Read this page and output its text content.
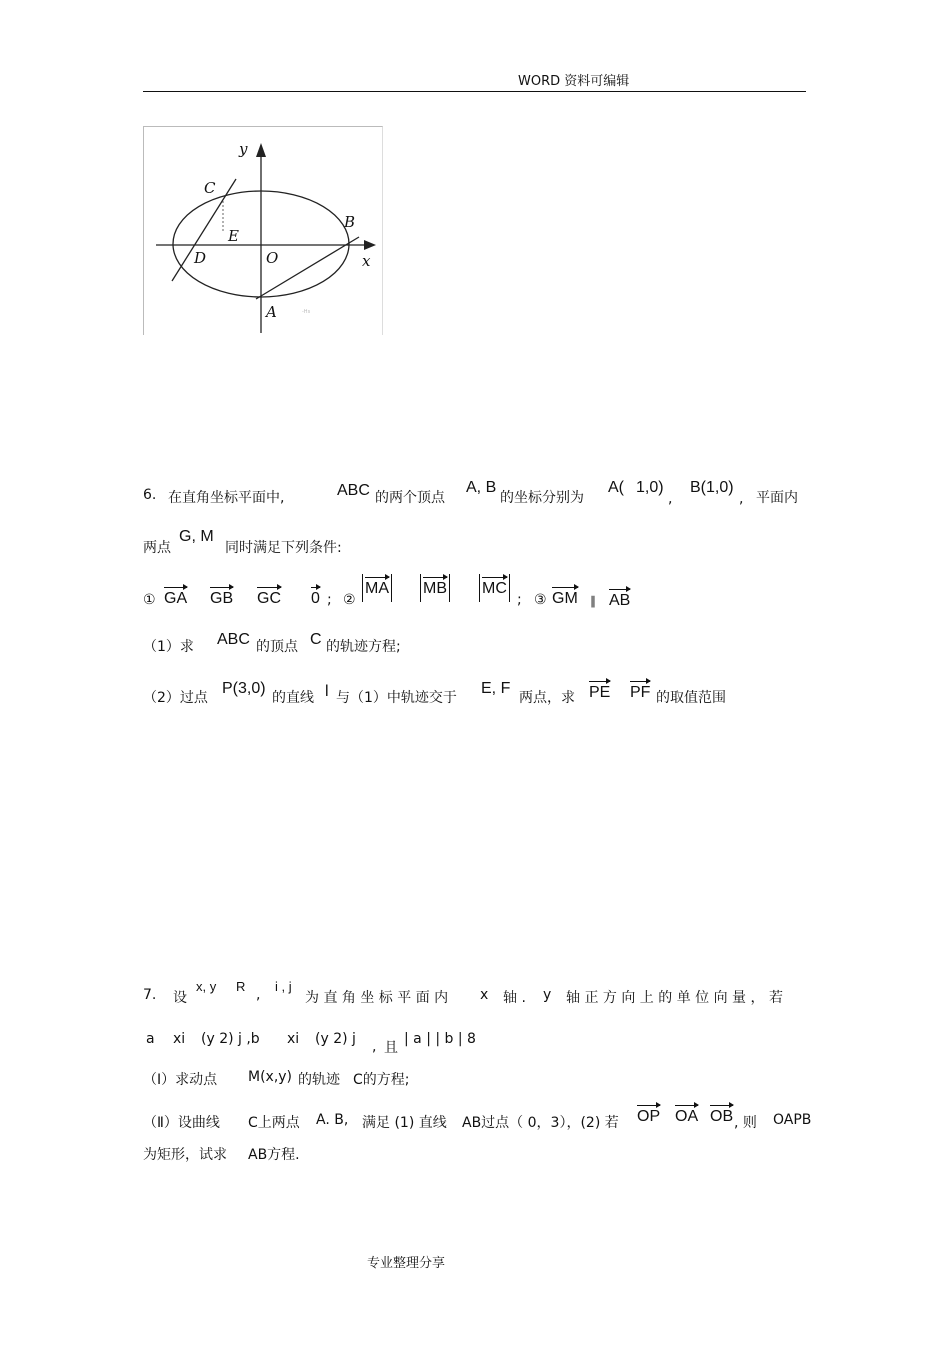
WORD 资料可编辑
y
C
B
E
D	O	x
A	-Hs
6. 在直角坐标平面中,	ABC 的两个顶点
A, B
的坐标分别为
A( 1,0)
,
B(1,0)
, 平面内
两点
G, M
同时满足下列条件:
① GA GB GC 0 ; ②
MA MB MC
; ③ GM ∥ AB
（1）求 ABC 的顶点 C 的轨迹方程;
（2）过点
P(3,0)
的直线 l 与（1）中轨迹交于
E, F
两点，求 PE PF 的取值范围
7. 设
x, y R
,
i , j
为 直 角 坐 标 平 面 内 x 轴 . y 轴 正 方 向 上 的 单 位 向 量 ， 若
a xi (y 2) j ,b xi (y 2) j , 且
| a | | b | 8
（Ⅰ）求动点 M(x,y) 的轨迹 C的方程;
（Ⅱ）设曲线 C上两点 A. B, 满足 (1) 直线 AB过点（ 0，3），(2) 若 OP OA OB , 则 OAPB
为矩形，试求 AB方程.
专业整理分享
